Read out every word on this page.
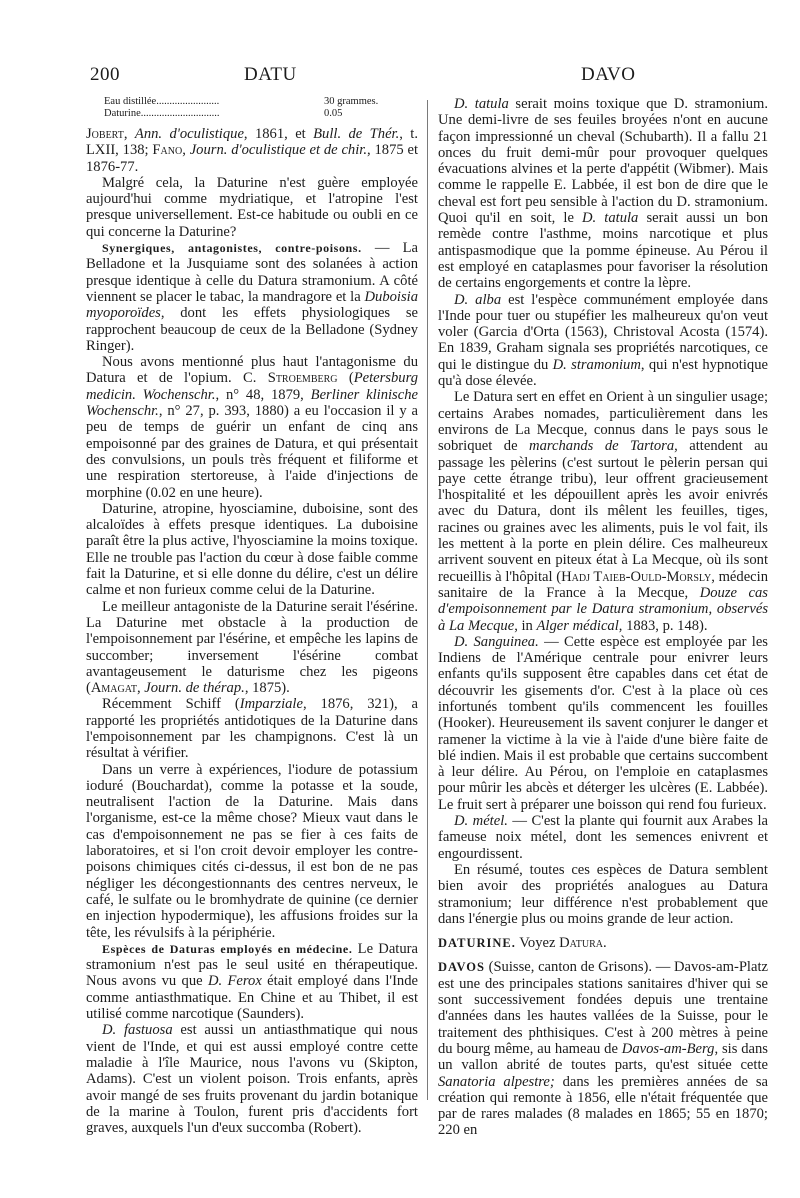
200	DATU	DAVO
Eau distillée........................	30 grammes.
Daturine..............................	0.05

Jobert, Ann. d'oculistique, 1861, et Bull. de Thér., t. LXII, 138; Fano, Journ. d'oculistique et de chir., 1875 et 1876-77.

Malgré cela, la Daturine n'est guère employée aujourd'hui comme mydriatique, et l'atropine l'est presque universellement. Est-ce habitude ou oubli en ce qui concerne la Daturine?

Synergiques, antagonistes, contre-poisons. — La Belladone et la Jusquiame sont des solanées à action presque identique à celle du Datura stramonium. A côté viennent se placer le tabac, la mandragore et la Duboisia myoporoïdes, dont les effets physiologiques se rapprochent beaucoup de ceux de la Belladone (Sydney Ringer).

Nous avons mentionné plus haut l'antagonisme du Datura et de l'opium. C. Stroemberg (Petersburg medicin. Wochenschr., n° 48, 1879, Berliner klinische Wochenschr., n° 27, p. 393, 1880) a eu l'occasion il y a peu de temps de guérir un enfant de cinq ans empoisonné par des graines de Datura, et qui présentait des convulsions, un pouls très fréquent et filiforme et une respiration stertoreuse, à l'aide d'injections de morphine (0.02 en une heure).

Daturine, atropine, hyosciamine, duboisine, sont des alcaloïdes à effets presque identiques. La duboisine paraît être la plus active, l'hyosciamine la moins toxique. Elle ne trouble pas l'action du cœur à dose faible comme fait la Daturine, et si elle donne du délire, c'est un délire calme et non furieux comme celui de la Daturine.

Le meilleur antagoniste de la Daturine serait l'ésérine. La Daturine met obstacle à la production de l'empoisonnement par l'ésérine, et empêche les lapins de succomber; inversement l'ésérine combat avantageusement le daturisme chez les pigeons (Amagat, Journ. de thérap., 1875).

Récemment Schiff (Imparziale, 1876, 321), a rapporté les propriétés antidotiques de la Daturine dans l'empoisonnement par les champignons. C'est là un résultat à vérifier.

Dans un verre à expériences, l'iodure de potassium ioduré (Bouchardat), comme la potasse et la soude, neutralisent l'action de la Daturine. Mais dans l'organisme, est-ce la même chose? Mieux vaut dans le cas d'empoisonnement ne pas se fier à ces faits de laboratoires, et si l'on croit devoir employer les contre-poisons chimiques cités ci-dessus, il est bon de ne pas négliger les décongestionnants des centres nerveux, le café, le sulfate ou le bromhydrate de quinine (ce dernier en injection hypodermique), les affusions froides sur la tête, les révulsifs à la périphérie.

Espèces de Daturas employés en médecine. Le Datura stramonium n'est pas le seul usité en thérapeutique. Nous avons vu que D. Ferox était employé dans l'Inde comme antiasthmatique. En Chine et au Thibet, il est utilisé comme narcotique (Saunders).

D. fastuosa est aussi un antiasthmatique qui nous vient de l'Inde, et qui est aussi employé contre cette maladie à l'île Maurice, nous l'avons vu (Skipton, Adams). C'est un violent poison. Trois enfants, après avoir mangé de ses fruits provenant du jardin botanique de la marine à Toulon, furent pris d'accidents fort graves, auxquels l'un d'eux succomba (Robert).

D. tatula serait moins toxique que D. stramonium. Une demi-livre de ses feuiles broyées n'ont en aucune façon impressionné un cheval (Schubarth). Il a fallu 21 onces du fruit demi-mûr pour provoquer quelques évacuations alvines et la perte d'appétit (Wibmer). Mais comme le rappelle E. Labbée, il est bon de dire que le cheval est fort peu sensible à l'action du D. stramonium. Quoi qu'il en soit, le D. tatula serait aussi un bon remède contre l'asthme, moins narcotique et plus antispasmodique que la pomme épineuse. Au Pérou il est employé en cataplasmes pour favoriser la résolution de certains engorgements et contre la lèpre.

D. alba est l'espèce communément employée dans l'Inde pour tuer ou stupéfier les malheureux qu'on veut voler (Garcia d'Orta (1563), Christoval Acosta (1574). En 1839, Graham signala ses propriétés narcotiques, ce qui le distingue du D. stramonium, qui n'est hypnotique qu'à dose élevée.

Le Datura sert en effet en Orient à un singulier usage; certains Arabes nomades, particulièrement dans les environs de La Mecque, connus dans le pays sous le sobriquet de marchands de Tartora, attendent au passage les pèlerins (c'est surtout le pèlerin persan qui paye cette étrange tribu), leur offrent gracieusement l'hospitalité et les dépouillent après les avoir enivrés avec du Datura, dont ils mêlent les feuilles, tiges, racines ou graines avec les aliments, puis le vol fait, ils les mettent à la porte en plein délire. Ces malheureux arrivent souvent en piteux état à La Mecque, où ils sont recueillis à l'hôpital (Hadj Taieb-Ould-Morsly, médecin sanitaire de la France à la Mecque, Douze cas d'empoisonnement par le Datura stramonium, observés à La Mecque, in Alger médical, 1883, p. 148).

D. Sanguinea. — Cette espèce est employée par les Indiens de l'Amérique centrale pour enivrer leurs enfants qu'ils supposent être capables dans cet état de découvrir les gisements d'or. C'est à la place où ces infortunés tombent qu'ils commencent les fouilles (Hooker). Heureusement ils savent conjurer le danger et ramener la victime à la vie à l'aide d'une bière faite de blé indien. Mais il est probable que certains succombent à leur délire. Au Pérou, on l'emploie en cataplasmes pour mûrir les abcès et déterger les ulcères (E. Labbée). Le fruit sert à préparer une boisson qui rend fou furieux.

D. métel. — C'est la plante qui fournit aux Arabes la fameuse noix métel, dont les semences enivrent et engourdissent.

En résumé, toutes ces espèces de Datura semblent bien avoir des propriétés analogues au Datura stramonium; leur différence n'est probablement que dans l'énergie plus ou moins grande de leur action.

DATURINE. Voyez Datura.

DAVOS (Suisse, canton de Grisons). — Davos-am-Platz est une des principales stations sanitaires d'hiver qui se sont successivement fondées depuis une trentaine d'années dans les hautes vallées de la Suisse, pour le traitement des phthisiques. C'est à 200 mètres à peine du bourg même, au hameau de Davos-am-Berg, sis dans un vallon abrité de toutes parts, qu'est située cette Sanatoria alpestre; dans les premières années de sa création qui remonte à 1856, elle n'était fréquentée que par de rares malades (8 malades en 1865; 55 en 1870; 220 en
